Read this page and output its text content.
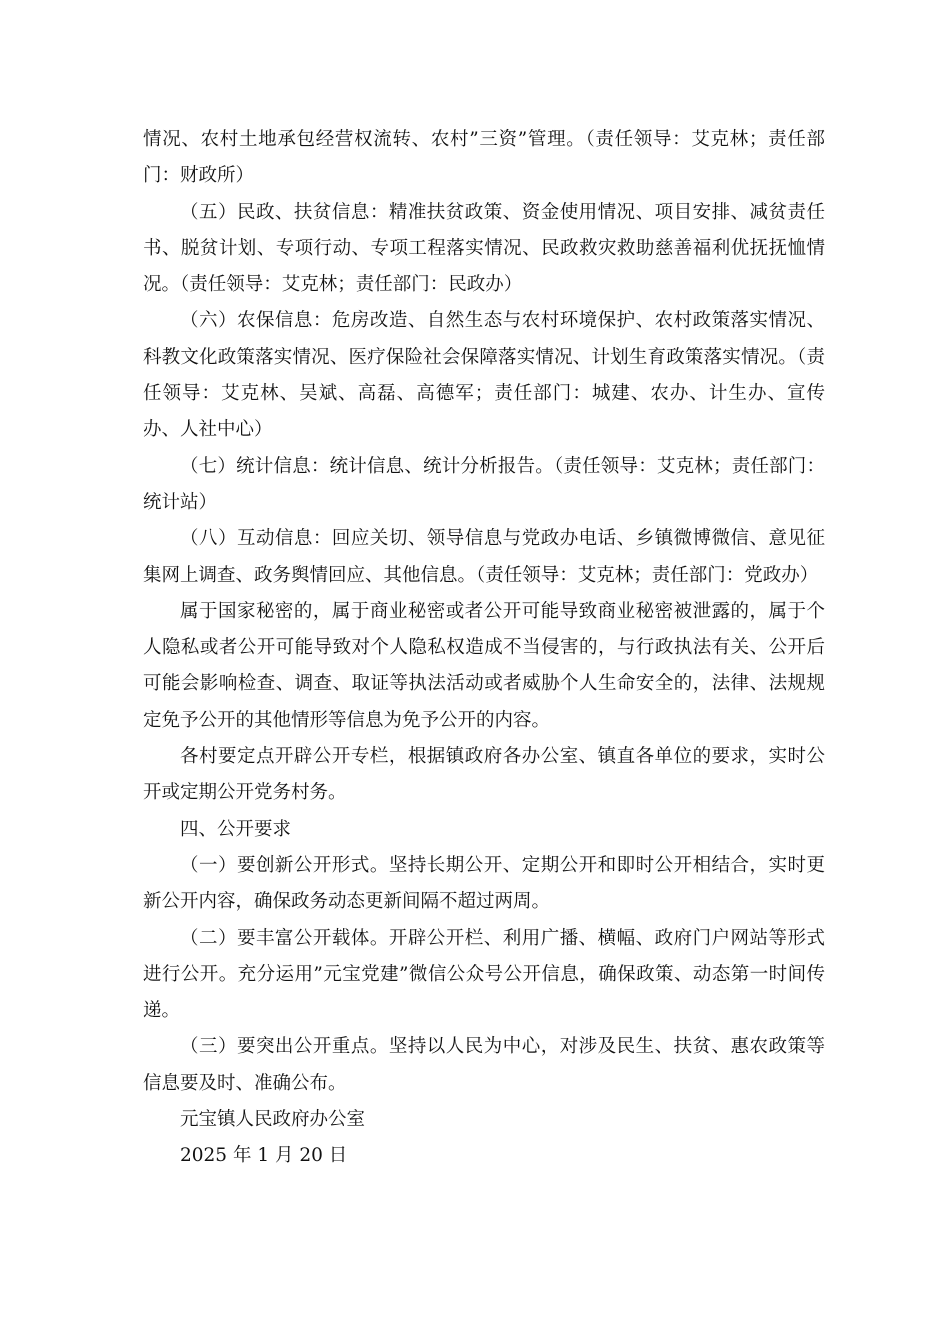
情况、农村土地承包经营权流转、农村”三资”管理。（责任领导：艾克林；责任部门：财政所）

（五）民政、扶贫信息：精准扶贫政策、资金使用情况、项目安排、减贫责任书、脱贫计划、专项行动、专项工程落实情况、民政救灾救助慈善福利优抚抚恤情况。（责任领导：艾克林；责任部门：民政办）

（六）农保信息：危房改造、自然生态与农村环境保护、农村政策落实情况、科教文化政策落实情况、医疗保险社会保障落实情况、计划生育政策落实情况。（责任领导：艾克林、吴斌、高磊、高德军；责任部门：城建、农办、计生办、宣传办、人社中心）

（七）统计信息：统计信息、统计分析报告。（责任领导：艾克林；责任部门：统计站）

（八）互动信息：回应关切、领导信息与党政办电话、乡镇微博微信、意见征集网上调查、政务舆情回应、其他信息。（责任领导：艾克林；责任部门：党政办）

属于国家秘密的，属于商业秘密或者公开可能导致商业秘密被泄露的，属于个人隐私或者公开可能导致对个人隐私权造成不当侵害的，与行政执法有关、公开后可能会影响检查、调查、取证等执法活动或者威胁个人生命安全的，法律、法规规定免予公开的其他情形等信息为免予公开的内容。

各村要定点开辟公开专栏，根据镇政府各办公室、镇直各单位的要求，实时公开或定期公开党务村务。

四、公开要求

（一）要创新公开形式。坚持长期公开、定期公开和即时公开相结合，实时更新公开内容，确保政务动态更新间隔不超过两周。

（二）要丰富公开载体。开辟公开栏、利用广播、横幅、政府门户网站等形式进行公开。充分运用”元宝党建”微信公众号公开信息，确保政策、动态第一时间传递。

（三）要突出公开重点。坚持以人民为中心，对涉及民生、扶贫、惠农政策等信息要及时、准确公布。

元宝镇人民政府办公室

2025 年 1 月 20 日
